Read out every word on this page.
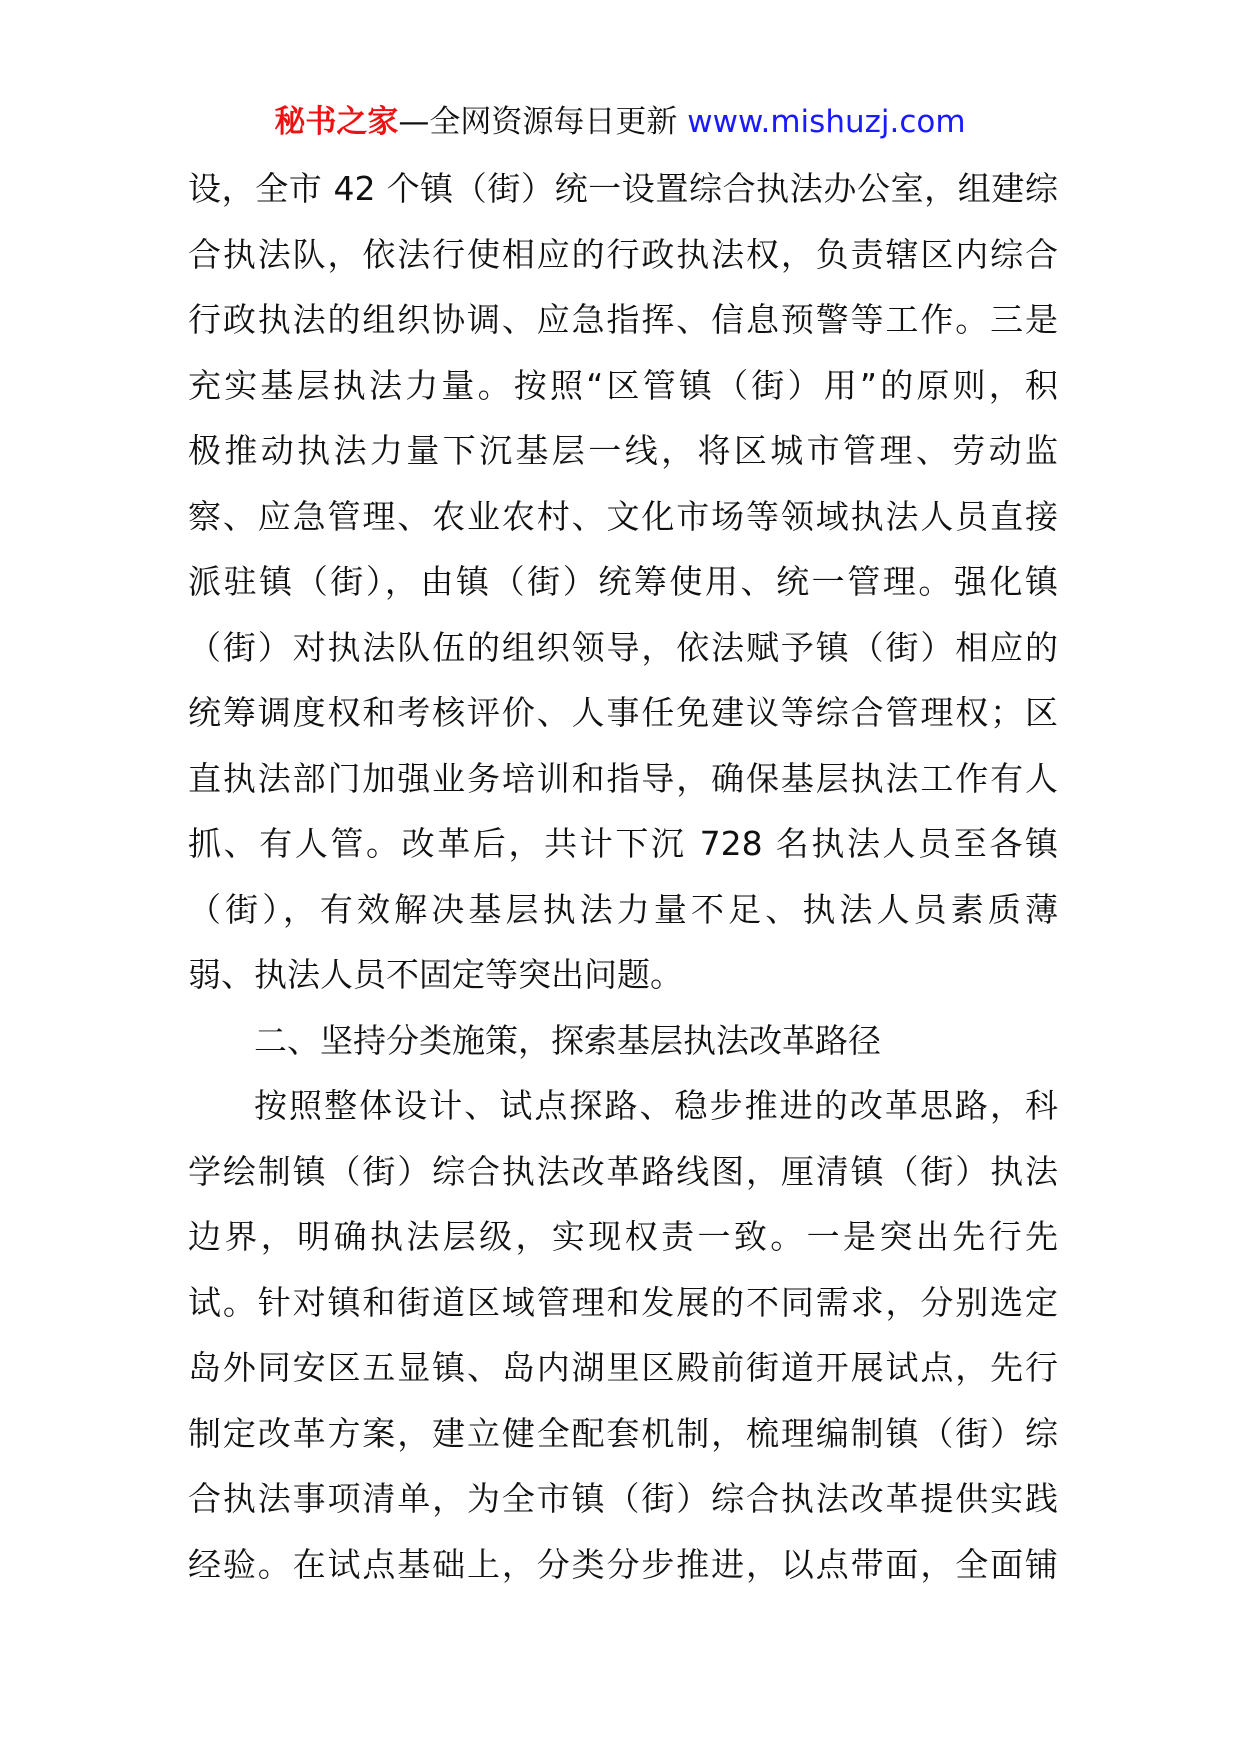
秘书之家—全网资源每日更新 www.mishuzj.com
设，全市 42 个镇（街）统一设置综合执法办公室，组建综
合执法队，依法行使相应的行政执法权，负责辖区内综合
行政执法的组织协调、应急指挥、信息预警等工作。三是
充实基层执法力量。按照“区管镇（街）用”的原则，积
极推动执法力量下沉基层一线，将区城市管理、劳动监
察、应急管理、农业农村、文化市场等领域执法人员直接
派驻镇（街），由镇（街）统筹使用、统一管理。强化镇
（街）对执法队伍的组织领导，依法赋予镇（街）相应的
统筹调度权和考核评价、人事任免建议等综合管理权；区
直执法部门加强业务培训和指导，确保基层执法工作有人
抓、有人管。改革后，共计下沉 728 名执法人员至各镇
（街），有效解决基层执法力量不足、执法人员素质薄
弱、执法人员不固定等突出问题。
二、坚持分类施策，探索基层执法改革路径
按照整体设计、试点探路、稳步推进的改革思路，科
学绘制镇（街）综合执法改革路线图，厘清镇（街）执法
边界，明确执法层级，实现权责一致。一是突出先行先
试。针对镇和街道区域管理和发展的不同需求，分别选定
岛外同安区五显镇、岛内湖里区殿前街道开展试点，先行
制定改革方案，建立健全配套机制，梳理编制镇（街）综
合执法事项清单，为全市镇（街）综合执法改革提供实践
经验。在试点基础上，分类分步推进，以点带面，全面铺
